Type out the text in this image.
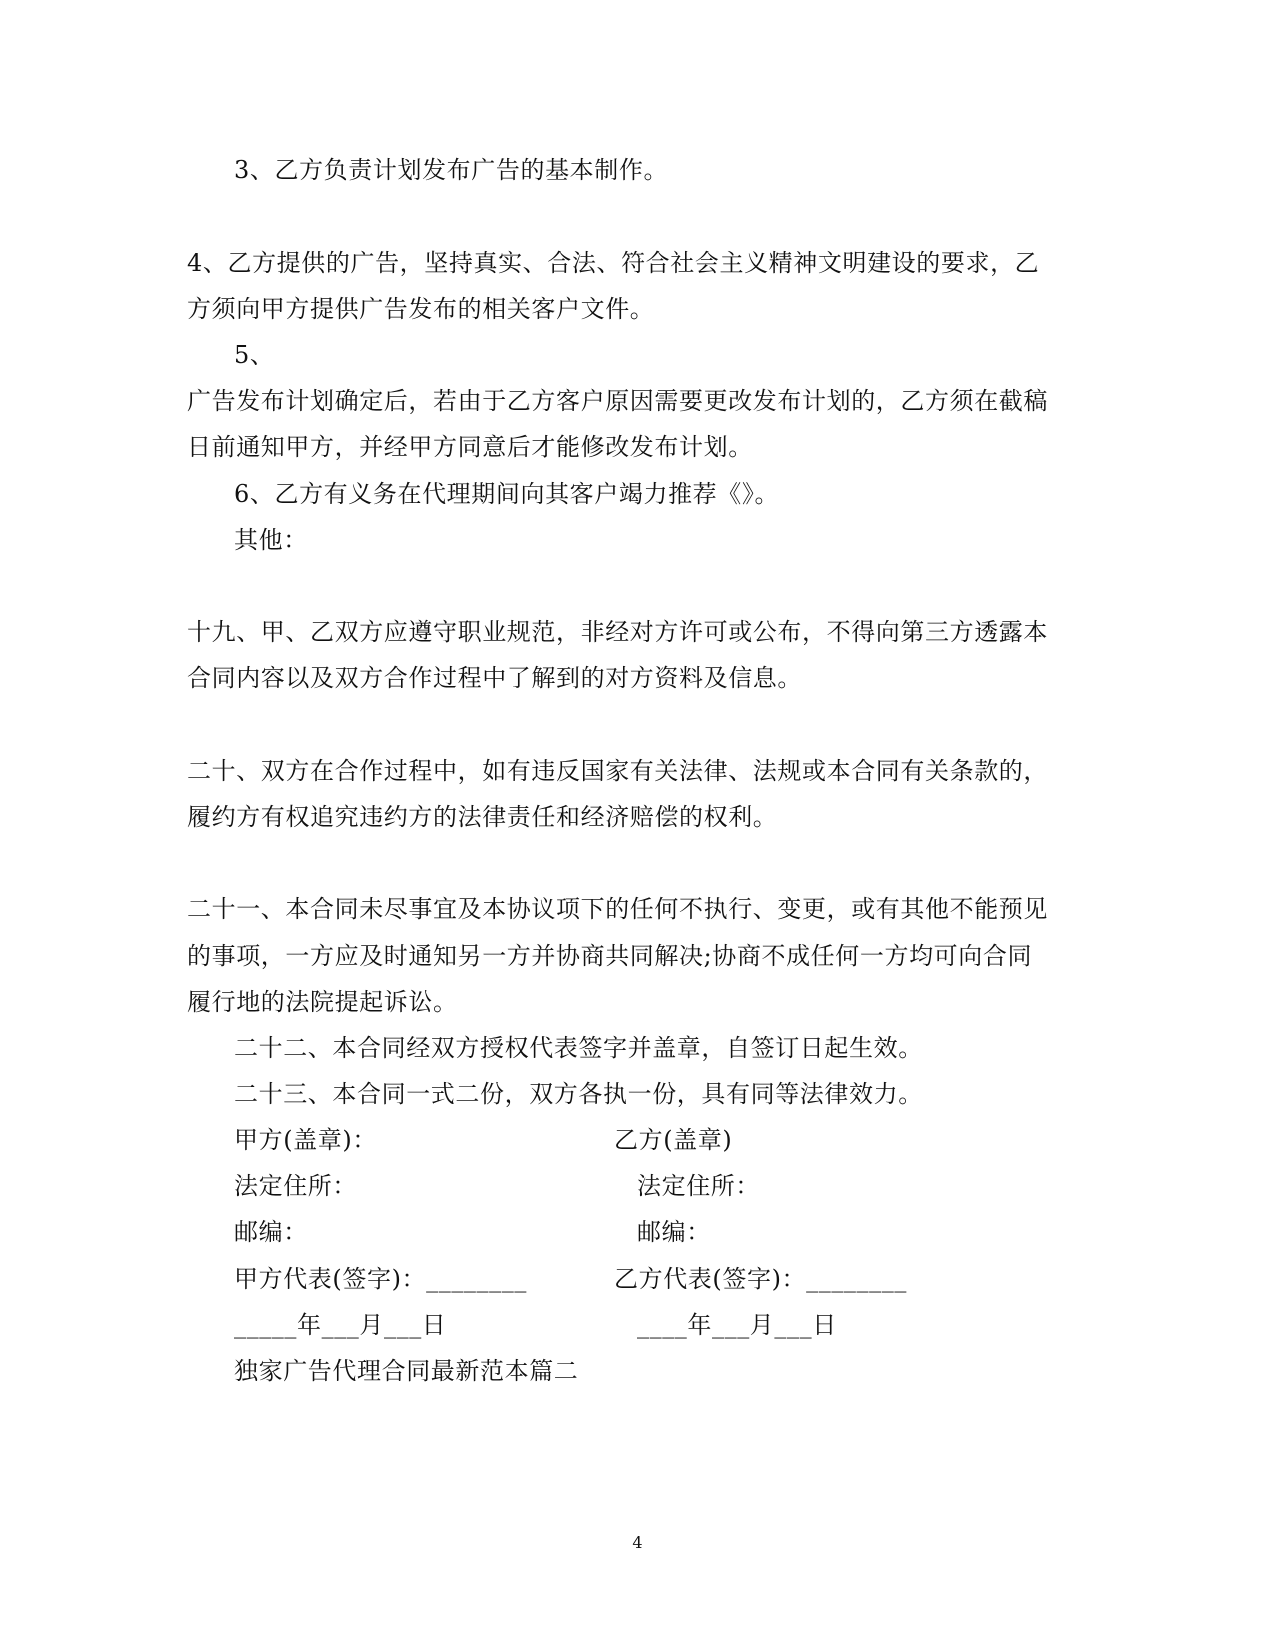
3、乙方负责计划发布广告的基本制作。
4、乙方提供的广告，坚持真实、合法、符合社会主义精神文明建设的要求，乙
方须向甲方提供广告发布的相关客户文件。
5、
广告发布计划确定后，若由于乙方客户原因需要更改发布计划的，乙方须在截稿
日前通知甲方，并经甲方同意后才能修改发布计划。
6、乙方有义务在代理期间向其客户竭力推荐《》。
其他：
十九、甲、乙双方应遵守职业规范，非经对方许可或公布，不得向第三方透露本
合同内容以及双方合作过程中了解到的对方资料及信息。
二十、双方在合作过程中，如有违反国家有关法律、法规或本合同有关条款的，
履约方有权追究违约方的法律责任和经济赔偿的权利。
二十一、本合同未尽事宜及本协议项下的任何不执行、变更，或有其他不能预见
的事项，一方应及时通知另一方并协商共同解决;协商不成任何一方均可向合同
履行地的法院提起诉讼。
二十二、本合同经双方授权代表签字并盖章，自签订日起生效。
二十三、本合同一式二份，双方各执一份，具有同等法律效力。
甲方(盖章)：	乙方(盖章)
法定住所：	法定住所：
邮编：	邮编：
甲方代表(签字)：________	乙方代表(签字)：________
_____年___月___日	____年___月___日
独家广告代理合同最新范本篇二
4
